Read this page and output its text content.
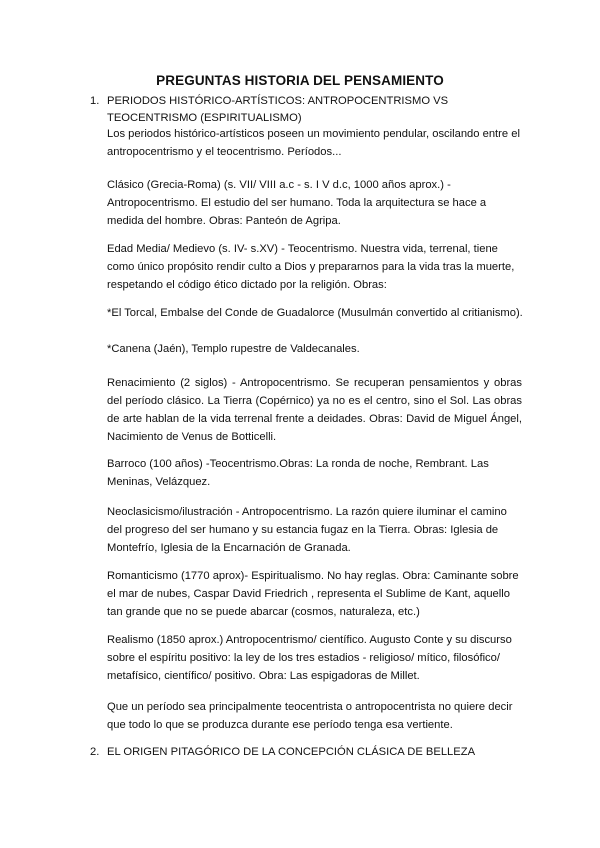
PREGUNTAS HISTORIA DEL PENSAMIENTO
1. PERIODOS HISTÓRICO-ARTÍSTICOS: ANTROPOCENTRISMO VS
TEOCENTRISMO (ESPIRITUALISMO)

Los periodos histórico-artísticos poseen un movimiento pendular, oscilando entre el antropocentrismo y el teocentrismo. Períodos...

Clásico (Grecia-Roma) (s. VII/ VIII a.c - s. I V d.c, 1000 años aprox.) - Antropocentrismo. El estudio del ser humano. Toda la arquitectura se hace a medida del hombre. Obras: Panteón de Agripa.

Edad Media/ Medievo (s. IV- s.XV) - Teocentrismo. Nuestra vida, terrenal, tiene como único propósito rendir culto a Dios y prepararnos para la vida tras la muerte, respetando el código ético dictado por la religión. Obras:

*El Torcal, Embalse del Conde de Guadalorce (Musulmán convertido al critianismo).

*Canena (Jaén), Templo rupestre de Valdecanales.

Renacimiento (2 siglos) - Antropocentrismo. Se recuperan pensamientos y obras del período clásico. La Tierra (Copérnico) ya no es el centro, sino el Sol. Las obras de arte hablan de la vida terrenal frente a deidades. Obras: David de Miguel Ángel, Nacimiento de Venus de Botticelli.

Barroco (100 años) -Teocentrismo.Obras: La ronda de noche, Rembrant. Las Meninas, Velázquez.

Neoclasicismo/ilustración - Antropocentrismo. La razón quiere iluminar el camino del progreso del ser humano y su estancia fugaz en la Tierra. Obras: Iglesia de Montefrío, Iglesia de la Encarnación de Granada.

Romanticismo (1770 aprox)- Espiritualismo. No hay reglas. Obra: Caminante sobre el mar de nubes, Caspar David Friedrich , representa el Sublime de Kant, aquello tan grande que no se puede abarcar (cosmos, naturaleza, etc.)

Realismo (1850 aprox.) Antropocentrismo/ científico. Augusto Conte y su discurso sobre el espíritu positivo: la ley de los tres estadios - religioso/ mítico, filosófico/ metafísico, científico/ positivo. Obra: Las espigadoras de Millet.

Que un período sea principalmente teocentrista o antropocentrista no quiere decir que todo lo que se produzca durante ese período tenga esa vertiente.

2. EL ORIGEN PITAGÓRICO DE LA CONCEPCIÓN CLÁSICA DE BELLEZA
